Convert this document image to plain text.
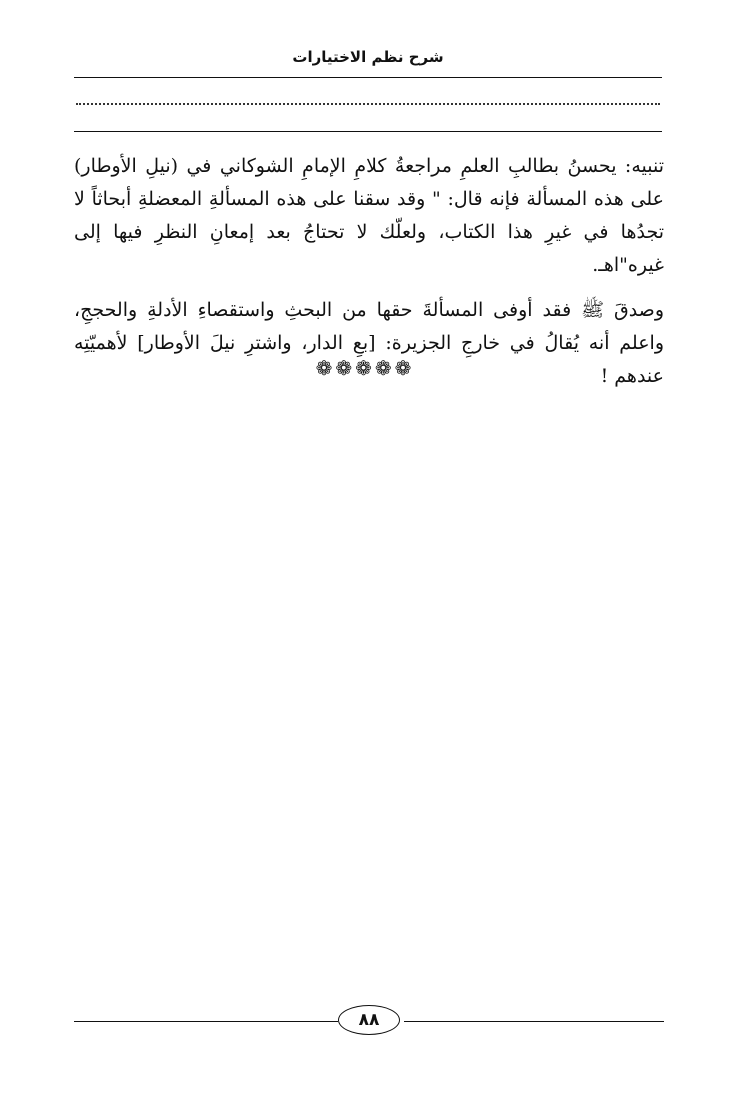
شرح نظم الاختيارات

تنبيه: يحسنُ بطالبِ العلمِ مراجعةُ كلامِ الإمامِ الشوكاني في (نيلِ الأوطار) على هذه المسألة فإنه قال: " وقد سقنا على هذه المسألةِ المعضلةِ أبحاثاً لا تجدُها في غيرِ هذا الكتاب، ولعلّك لا تحتاجُ بعد إمعانِ النظرِ فيها إلى غيره"اهـ.

وصدقَ ﷺ فقد أوفى المسألةَ حقها من البحثِ واستقصاءِ الأدلةِ والحججِ، واعلم أنه يُقالُ في خارجِ الجزيرة: [بعِ الدار، واشترِ نيلَ الأوطار] لأهميّتِه عندهم !

❁❁❁❁❁
٨٨
